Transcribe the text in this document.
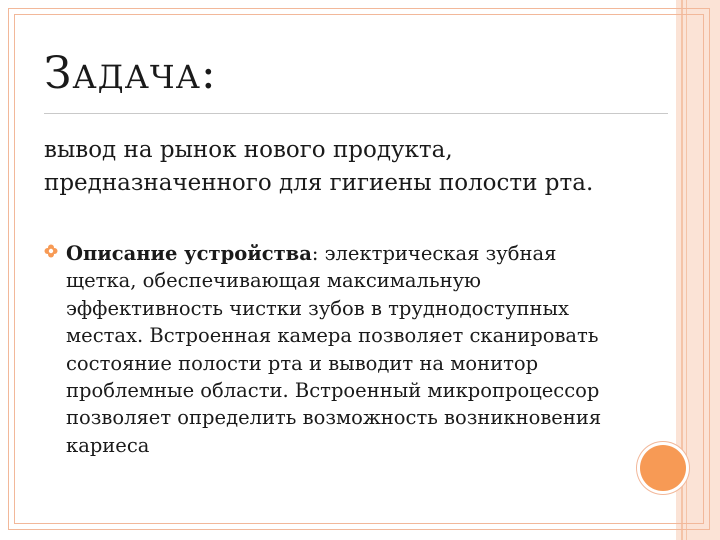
ЗАДАЧА:

вывод на рынок нового продукта, предназначенного для гигиены полости рта.

Описание устройства: электрическая зубная щетка, обеспечивающая максимальную эффективность чистки зубов в труднодоступных местах. Встроенная камера позволяет сканировать состояние полости рта и выводит на монитор проблемные области. Встроенный микропроцессор позволяет определить возможность возникновения кариеса
